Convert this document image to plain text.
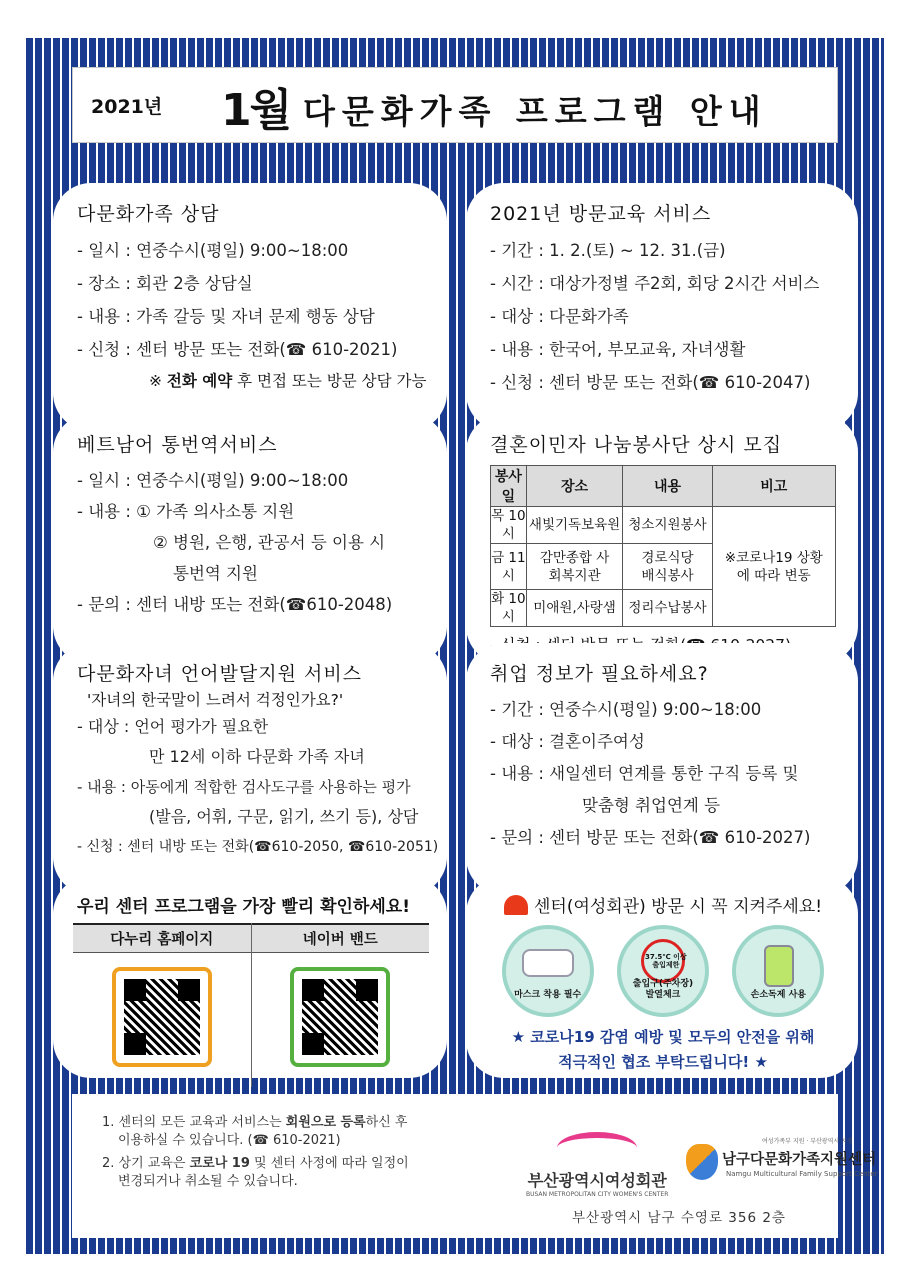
2021년 1월 다문화가족 프로그램 안내
다문화가족 상담
- 일시 : 연중수시(평일) 9:00~18:00
- 장소 : 회관 2층 상담실
- 내용 : 가족 갈등 및 자녀 문제 행동 상담
- 신청 : 센터 방문 또는 전화(☎ 610-2021)
※ 전화 예약 후 면접 또는 방문 상담 가능
2021년 방문교육 서비스
- 기간 : 1. 2.(토) ~ 12. 31.(금)
- 시간 : 대상가정별 주2회, 회당 2시간 서비스
- 대상 : 다문화가족
- 내용 : 한국어, 부모교육, 자녀생활
- 신청 : 센터 방문 또는 전화(☎ 610-2047)
베트남어 통번역서비스
- 일시 : 연중수시(평일) 9:00~18:00
- 내용 : ① 가족 의사소통 지원
② 병원, 은행, 관공서 등 이용 시
통번역 지원
- 문의 : 센터 내방 또는 전화(☎610-2048)
결혼이민자 나눔봉사단 상시 모집
봉사일	장소	내용	비고
목 10시	새빛기독보육원	청소지원봉사	※코로나19 상황에 따라 변동
금 11시	감만종합 사회복지관	경로식당 배식봉사	
화 10시	미애원,사랑샘	정리수납봉사	
다문화자녀 언어발달지원 서비스
'자녀의 한국말이 느려서 걱정인가요?'
- 대상 : 언어 평가가 필요한
만 12세 이하 다문화 가족 자녀
- 내용 : 아동에게 적합한 검사도구를 사용하는 평가
(발음, 어휘, 구문, 읽기, 쓰기 등), 상담
- 신청 : 센터 내방 또는 전화(☎610-2050, ☎610-2051)
취업 정보가 필요하세요?
- 기간 : 연중수시(평일) 9:00~18:00
- 대상 : 결혼이주여성
- 내용 : 새일센터 연계를 통한 구직 등록 및
맞춤형 취업연계 등
- 문의 : 센터 방문 또는 전화(☎ 610-2027)
우리 센터 프로그램을 가장 빨리 확인하세요!
다누리 홈페이지	네이버 밴드
센터(여성회관) 방문 시 꼭 지켜주세요!
마스크 착용 필수
37.5℃ 이상
출입제한
출입구(주차장)
발열체크	손소독제 사용
★ 코로나19 감염 예방 및 모두의 안전을 위해
적극적인 협조 부탁드립니다! ★
1. 센터의 모든 교육과 서비스는 회원으로 등록하신 후
이용하실 수 있습니다. (☎ 610-2021)
2. 상기 교육은 코로나 19 및 센터 사정에 따라 일정이
변경되거나 취소될 수 있습니다.	부산광역시여성회관
BUSAN METROPOLITAN CITY WOMEN'S CENTER
여성가족부 지원 · 부산광역시 지정
남구다문화가족지원센터
Namgu Multicultural Family Support Center
부산광역시 남구 수영로 356 2층
